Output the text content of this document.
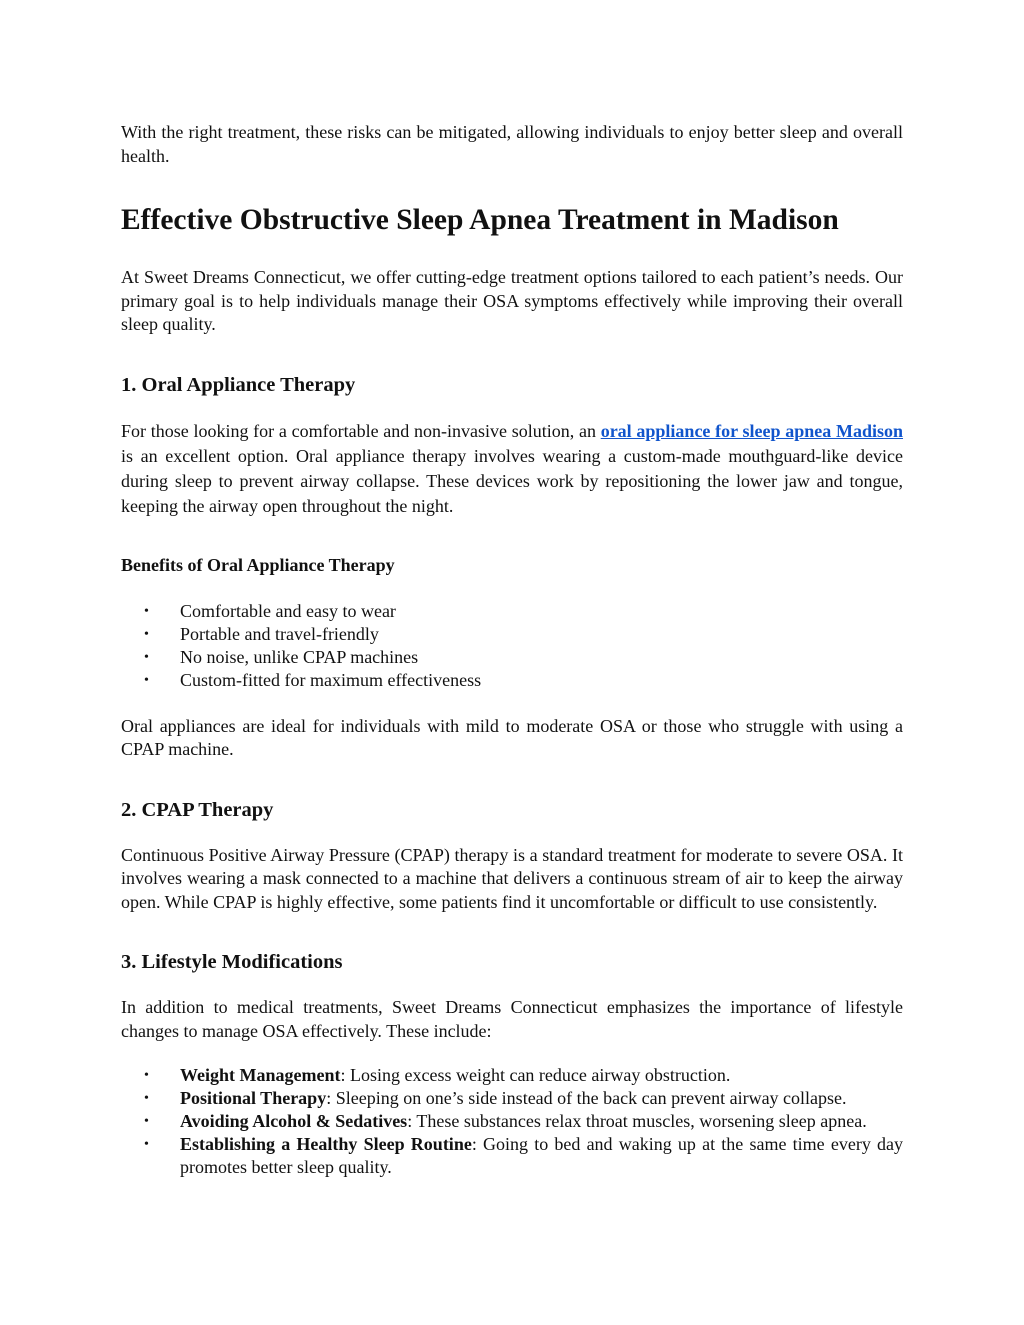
With the right treatment, these risks can be mitigated, allowing individuals to enjoy better sleep and overall health.

Effective Obstructive Sleep Apnea Treatment in Madison

At Sweet Dreams Connecticut, we offer cutting-edge treatment options tailored to each patient’s needs. Our primary goal is to help individuals manage their OSA symptoms effectively while improving their overall sleep quality.

1. Oral Appliance Therapy

For those looking for a comfortable and non-invasive solution, an oral appliance for sleep apnea Madison is an excellent option. Oral appliance therapy involves wearing a custom-made mouthguard-like device during sleep to prevent airway collapse. These devices work by repositioning the lower jaw and tongue, keeping the airway open throughout the night.

Benefits of Oral Appliance Therapy
• Comfortable and easy to wear
• Portable and travel-friendly
• No noise, unlike CPAP machines
• Custom-fitted for maximum effectiveness

Oral appliances are ideal for individuals with mild to moderate OSA or those who struggle with using a CPAP machine.

2. CPAP Therapy

Continuous Positive Airway Pressure (CPAP) therapy is a standard treatment for moderate to severe OSA. It involves wearing a mask connected to a machine that delivers a continuous stream of air to keep the airway open. While CPAP is highly effective, some patients find it uncomfortable or difficult to use consistently.

3. Lifestyle Modifications

In addition to medical treatments, Sweet Dreams Connecticut emphasizes the importance of lifestyle changes to manage OSA effectively. These include:

• Weight Management: Losing excess weight can reduce airway obstruction.
• Positional Therapy: Sleeping on one’s side instead of the back can prevent airway collapse.
• Avoiding Alcohol & Sedatives: These substances relax throat muscles, worsening sleep apnea.
• Establishing a Healthy Sleep Routine: Going to bed and waking up at the same time every day promotes better sleep quality.
